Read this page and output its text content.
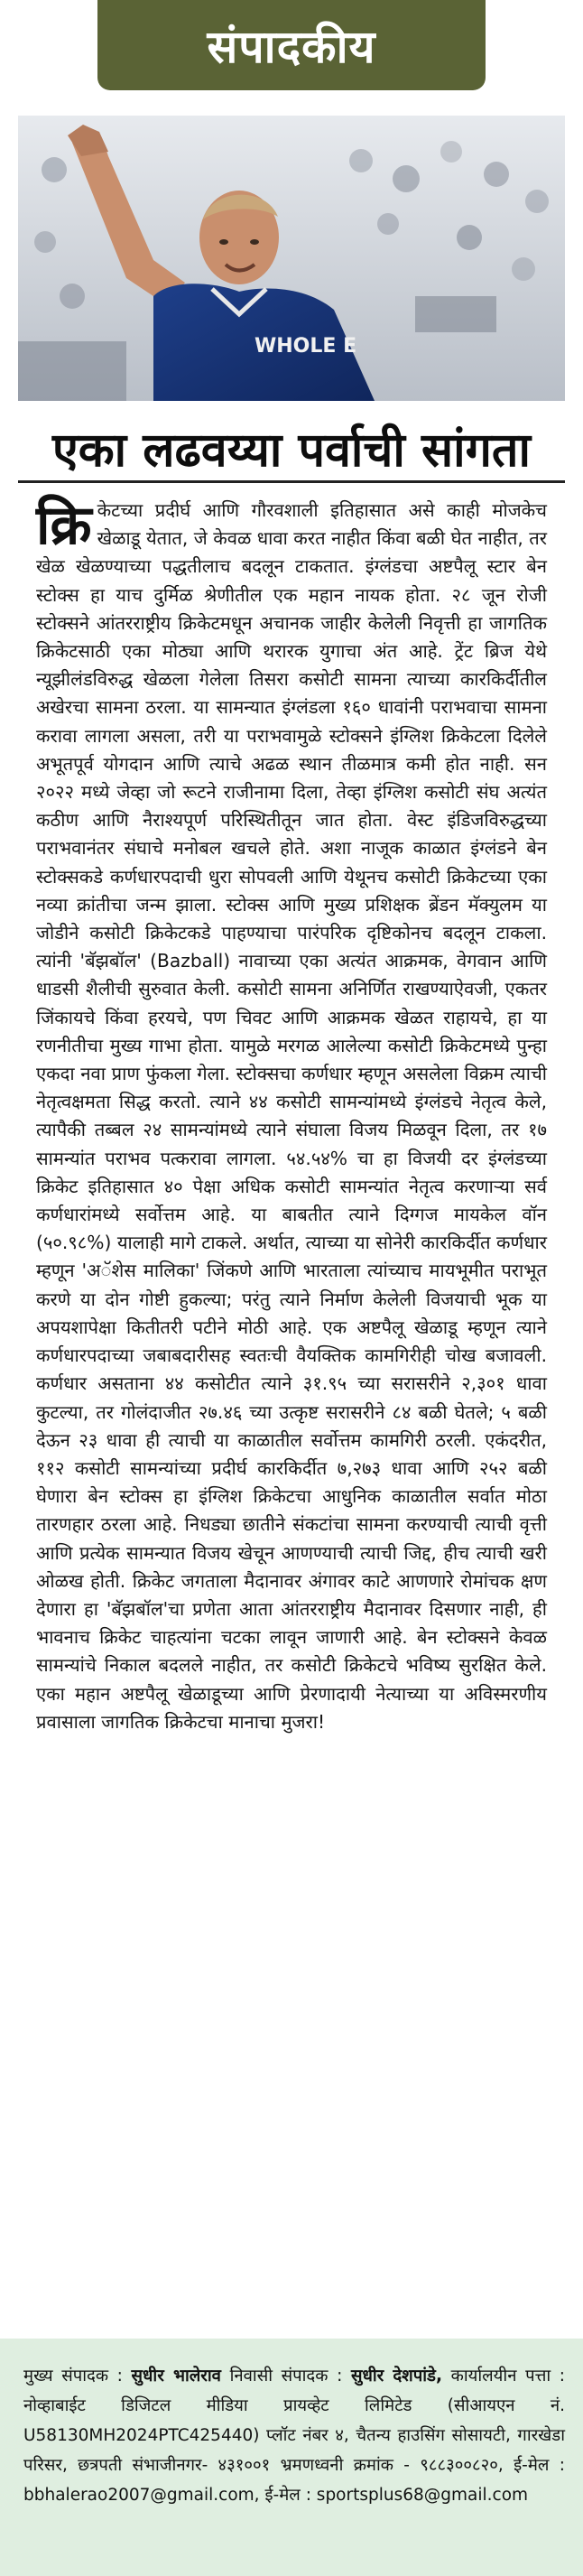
संपादकीय
WHOLE E
एका लढवय्या पर्वाची सांगता
क्रि केटच्या प्रदीर्घ आणि गौरवशाली इतिहासात असे काही मोजकेच खेळाडू येतात, जे केवळ धावा करत नाहीत किंवा बळी घेत नाहीत, तर खेळ खेळण्याच्या पद्धतीलाच बदलून टाकतात. इंग्लंडचा अष्टपैलू स्टार बेन स्टोक्स हा याच दुर्मिळ श्रेणीतील एक महान नायक होता. २८ जून रोजी स्टोक्सने आंतरराष्ट्रीय क्रिकेटमधून अचानक जाहीर केलेली निवृत्ती हा जागतिक क्रिकेटसाठी एका मोठ्या आणि थरारक युगाचा अंत आहे. ट्रेंट ब्रिज येथे न्यूझीलंडविरुद्ध खेळला गेलेला तिसरा कसोटी सामना त्याच्या कारकिर्दीतील अखेरचा सामना ठरला. या सामन्यात इंग्लंडला १६० धावांनी पराभवाचा सामना करावा लागला असला, तरी या पराभवामुळे स्टोक्सने इंग्लिश क्रिकेटला दिलेले अभूतपूर्व योगदान आणि त्याचे अढळ स्थान तीळमात्र कमी होत नाही. सन २०२२ मध्ये जेव्हा जो रूटने राजीनामा दिला, तेव्हा इंग्लिश कसोटी संघ अत्यंत कठीण आणि नैराश्यपूर्ण परिस्थितीतून जात होता. वेस्ट इंडिजविरुद्धच्या पराभवानंतर संघाचे मनोबल खचले होते. अशा नाजूक काळात इंग्लंडने बेन स्टोक्सकडे कर्णधारपदाची धुरा सोपवली आणि येथूनच कसोटी क्रिकेटच्या एका नव्या क्रांतीचा जन्म झाला. स्टोक्स आणि मुख्य प्रशिक्षक ब्रेंडन मॅक्युलम या जोडीने कसोटी क्रिकेटकडे पाहण्याचा पारंपरिक दृष्टिकोनच बदलून टाकला. त्यांनी 'बॅझबॉल' (Bazball) नावाच्या एका अत्यंत आक्रमक, वेगवान आणि धाडसी शैलीची सुरुवात केली. कसोटी सामना अनिर्णित राखण्याऐवजी, एकतर जिंकायचे किंवा हरयचे, पण चिवट आणि आक्रमक खेळत राहायचे, हा या रणनीतीचा मुख्य गाभा होता. यामुळे मरगळ आलेल्या कसोटी क्रिकेटमध्ये पुन्हा एकदा नवा प्राण फुंकला गेला. स्टोक्सचा कर्णधार म्हणून असलेला विक्रम त्याची नेतृत्वक्षमता सिद्ध करतो. त्याने ४४ कसोटी सामन्यांमध्ये इंग्लंडचे नेतृत्व केले, त्यापैकी तब्बल २४ सामन्यांमध्ये त्याने संघाला विजय मिळवून दिला, तर १७ सामन्यांत पराभव पत्करावा लागला. ५४.५४% चा हा विजयी दर इंग्लंडच्या क्रिकेट इतिहासात ४० पेक्षा अधिक कसोटी सामन्यांत नेतृत्व करणाऱ्या सर्व कर्णधारांमध्ये सर्वोत्तम आहे. या बाबतीत त्याने दिग्गज मायकेल वॉन (५०.९८%) यालाही मागे टाकले. अर्थात, त्याच्या या सोनेरी कारकिर्दीत कर्णधार म्हणून 'अॅशेस मालिका' जिंकणे आणि भारताला त्यांच्याच मायभूमीत पराभूत करणे या दोन गोष्टी हुकल्या; परंतु त्याने निर्माण केलेली विजयाची भूक या अपयशापेक्षा कितीतरी पटीने मोठी आहे. एक अष्टपैलू खेळाडू म्हणून त्याने कर्णधारपदाच्या जबाबदारीसह स्वतःची वैयक्तिक कामगिरीही चोख बजावली. कर्णधार असताना ४४ कसोटीत त्याने ३१.९५ च्या सरासरीने २,३०१ धावा कुटल्या, तर गोलंदाजीत २७.४६ च्या उत्कृष्ट सरासरीने ८४ बळी घेतले; ५ बळी देऊन २३ धावा ही त्याची या काळातील सर्वोत्तम कामगिरी ठरली. एकंदरीत, ११२ कसोटी सामन्यांच्या प्रदीर्घ कारकिर्दीत ७,२७३ धावा आणि २५२ बळी घेणारा बेन स्टोक्स हा इंग्लिश क्रिकेटचा आधुनिक काळातील सर्वात मोठा तारणहार ठरला आहे. निधड्या छातीने संकटांचा सामना करण्याची त्याची वृत्ती आणि प्रत्येक सामन्यात विजय खेचून आणण्याची त्याची जिद्द, हीच त्याची खरी ओळख होती. क्रिकेट जगताला मैदानावर अंगावर काटे आणणारे रोमांचक क्षण देणारा हा 'बॅझबॉल'चा प्रणेता आता आंतरराष्ट्रीय मैदानावर दिसणार नाही, ही भावनाच क्रिकेट चाहत्यांना चटका लावून जाणारी आहे. बेन स्टोक्सने केवळ सामन्यांचे निकाल बदलले नाहीत, तर कसोटी क्रिकेटचे भविष्य सुरक्षित केले. एका महान अष्टपैलू खेळाडूच्या आणि प्रेरणादायी नेत्याच्या या अविस्मरणीय प्रवासाला जागतिक क्रिकेटचा मानाचा मुजरा!
मुख्य संपादक : सुधीर भालेराव निवासी संपादक : सुधीर देशपांडे, कार्यालयीन पत्ता : नोव्हाबाईट डिजिटल मीडिया प्रायव्हेट लिमिटेड (सीआयएन नं. U58130MH2024PTC425440) प्लॉट नंबर ४, चैतन्य हाउसिंग सोसायटी, गारखेडा परिसर, छत्रपती संभाजीनगर- ४३१००१ भ्रमणध्वनी क्रमांक - ९८८३००८२०, ई-मेल : bbhalerao2007@gmail.com, ई-मेल : sportsplus68@gmail.com
